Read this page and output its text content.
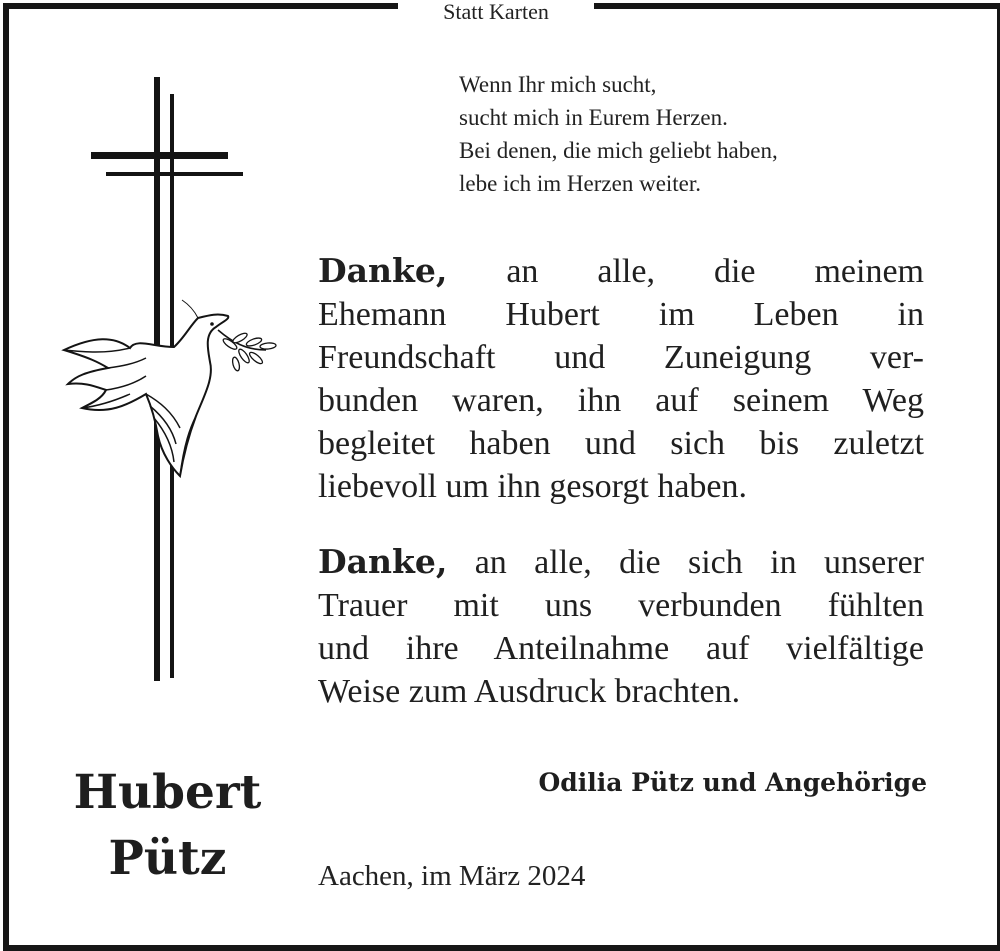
Statt Karten
Wenn Ihr mich sucht,
sucht mich in Eurem Herzen.
Bei denen, die mich geliebt haben,
lebe ich im Herzen weiter.
Danke, an alle, die meinem
Ehemann Hubert im Leben in
Freundschaft und Zuneigung ver-
bunden waren, ihn auf seinem Weg
begleitet haben und sich bis zuletzt
liebevoll um ihn gesorgt haben.
Danke, an alle, die sich in unserer
Trauer mit uns verbunden fühlten
und ihre Anteilnahme auf vielfältige
Weise zum Ausdruck brachten.
Hubert
Pütz
Odilia Pütz und Angehörige
Aachen, im März 2024
